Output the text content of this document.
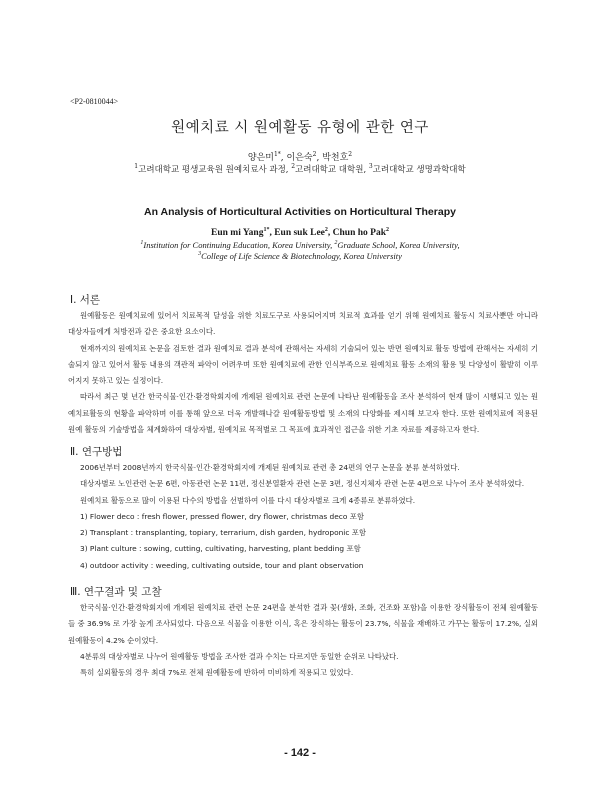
<P2-0810044>
원예치료 시 원예활동 유형에 관한 연구
양은미$^{1*}$, 이은숙$^2$, 박천호$^2$
$^1$고려대학교 평생교육원 원예치료사 과정, $^2$고려대학교 대학원, $^3$고려대학교 생명과학대학
An Analysis of Horticultural Activities on Horticultural Therapy
Eun mi Yang$^{1*}$, Eun suk Lee$^2$, Chun ho Pak$^2$
$^1$Institution for Continuing Education, Korea University, $^2$Graduate School, Korea University,
$^3$College of Life Science & Biotechnology, Korea University
Ⅰ. 서론

원예활동은 원예치료에 있어서 치료목적 달성을 위한 치료도구로 사용되어지며 치료적 효과를 얻기 위해 원예치료 활동시 치료사뿐만 아니라 대상자들에게 처방전과 같은 중요한 요소이다.

현재까지의 원예치료 논문을 검토한 결과 원예치료 결과 분석에 관해서는 자세히 기술되어 있는 반면 원예치료 활동 방법에 관해서는 자세히 기술되지 않고 있어서 활동 내용의 객관적 파악이 어려우며 또한 원예치료에 관한 인식부족으로 원예치료 활동 소재의 활용 및 다양성이 활발히 이루어지지 못하고 있는 실정이다.

따라서 최근 몇 년간 한국식물·인간·환경학회지에 개제된 원예치료 관련 논문에 나타난 원예활동을 조사 분석하여 현재 많이 시행되고 있는 원예치료활동의 현황을 파악하며 이를 통해 앞으로 더욱 개발해나갈 원예활동방법 및 소재의 다양화를 제시해 보고자 한다. 또한 원예치료에 적용된 원예 활동의 기술방법을 체계화하여 대상자별, 원예치료 목적별로 그 목표에 효과적인 접근을 위한 기초 자료를 제공하고자 한다.

Ⅱ. 연구방법

2006년부터 2008년까지 한국식물·인간·환경학회지에 개제된 원예치료 관련 총 24편의 연구 논문을 분류 분석하였다.

대상자별로 노인관련 논문 6편, 아동관련 논문 11편, 정신분열환자 관련 논문 3편, 정신지체자 관련 논문 4편으로 나누어 조사 분석하였다.

원예치료 활동으로 많이 이용된 다수의 방법을 선별하여 이를 다시 대상자별로 크게 4종류로 분류하였다.

1) Flower deco : fresh flower, pressed flower, dry flower, christmas deco 포함

2) Transplant : transplanting, topiary, terrarium, dish garden, hydroponic 포함

3) Plant culture : sowing, cutting, cultivating, harvesting, plant bedding 포함

4) outdoor activity : weeding, cultivating outside, tour and plant observation

Ⅲ. 연구결과 및 고찰

한국식물·인간·환경학회지에 개제된 원예치료 관련 논문 24편을 분석한 결과 꽃(생화, 조화, 건조화 포함)을 이용한 장식활동이 전체 원예활동들 중 36.9% 로 가장 높게 조사되었다. 다음으로 식물을 이용한 이식, 혹은 장식하는 활동이 23.7%, 식물을 재배하고 가꾸는 활동이 17.2%, 실외 원예활동이 4.2% 순이었다.

4분류의 대상자별로 나누어 원예활동 방법을 조사한 결과 수치는 다르지만 동일한 순위로 나타났다.

특히 실외활동의 경우 최대 7%로 전체 원예활동에 반하여 미비하게 적용되고 있었다.

- 142 -
